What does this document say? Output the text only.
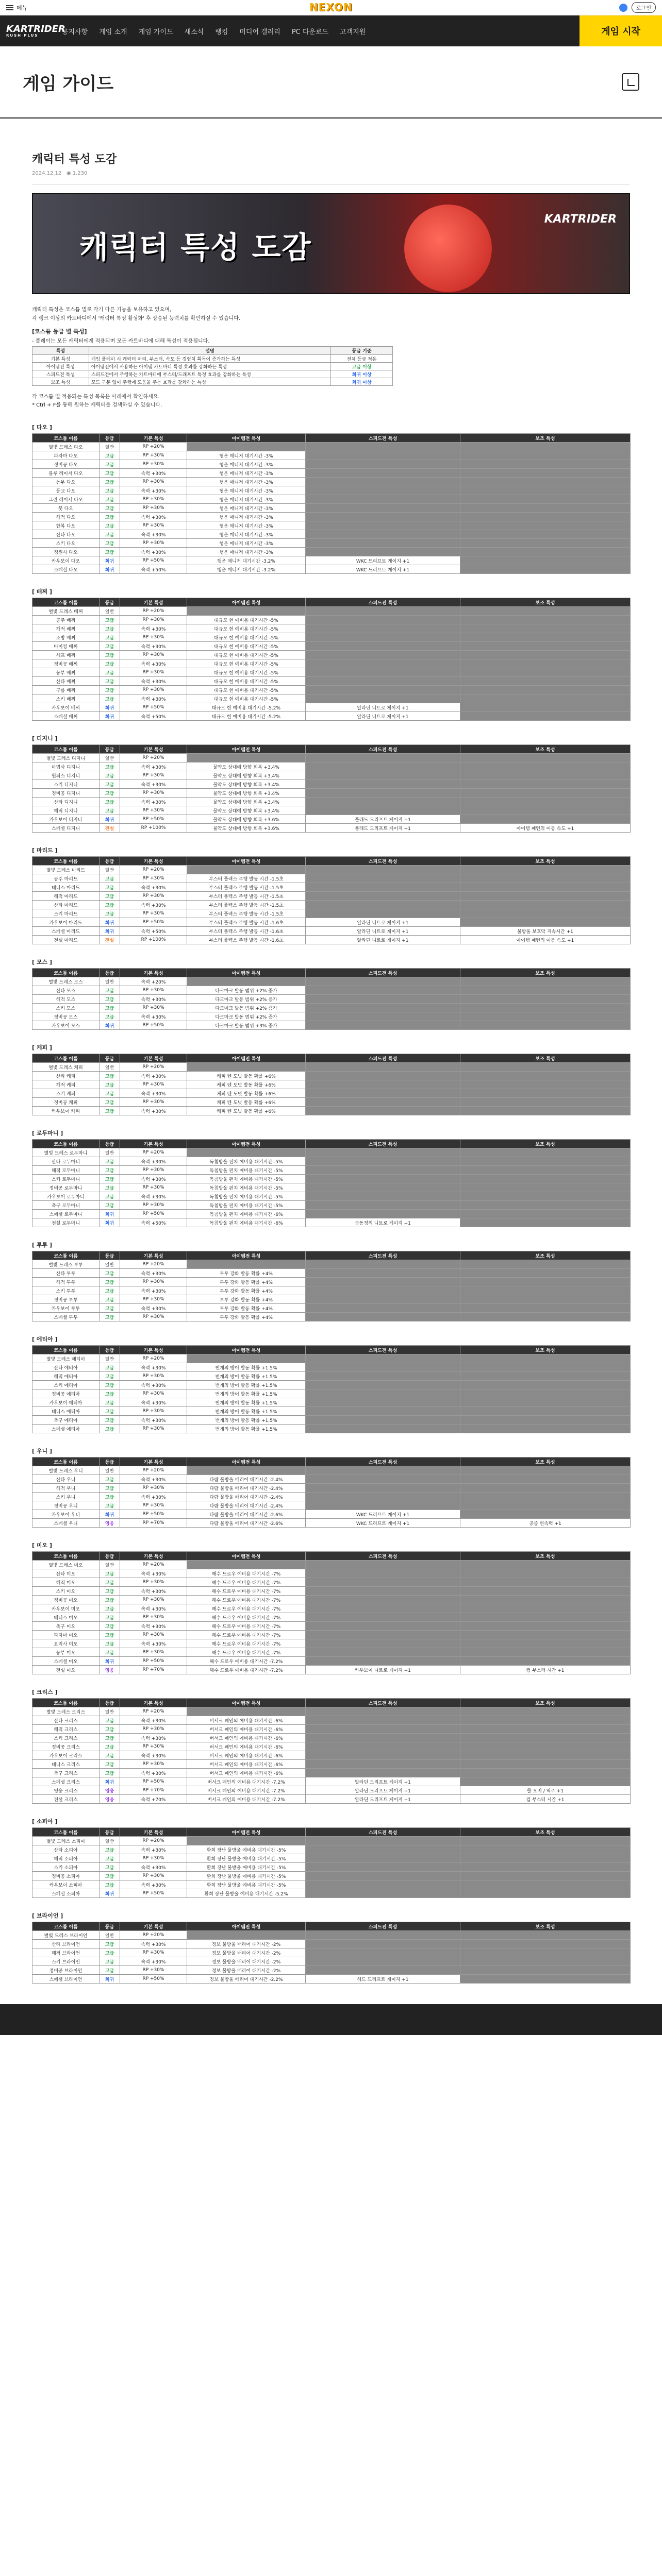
메뉴	NEXON	로그인
KARTRIDER
RUSH PLUS	공지사항 게임 소개 게임 가이드 새소식 랭킹 미디어 갤러리 PC 다운로드 고객지원	게임 시작
게임 가이드
캐릭터 특성 도감
2024.12.12 ◉ 1,230
캐릭터 특성 도감
KARTRIDER
캐릭터 특성은 코스튬 별로 각기 다른 기능을 보유하고 있으며,
각 랭크 이상의 카트바디에서 '캐릭터 특성 활성화' 후 상승된 능력치를 확인하실 수 있습니다.
[코스튬 등급 별 특성]
- 플레이는 모든 캐릭터에게 적용되며 모든 카트바디에 대해 특성이 적용됩니다.
특성	설명	등급 기준
기본 특성	게임 플레이 시 캐릭터 머리, 부스터, 속도 등 경험치 획득이 증가하는 특성	전체 등급 적용
아이템전 특성	아이템전에서 사용하는 아이템 카트바디 특정 효과를 강화하는 특성	고급 이상
스피드전 특성	스피드전에서 주행하는 카트바디에 부스터/드래프트 특정 효과를 강화하는 특성	희귀 이상
보조 특성	모드 구분 없이 주행에 도움을 주는 효과를 강화하는 특성	희귀 이상
각 코스튬 별 적용되는 특성 목록은 아래에서 확인하세요.
* Ctrl + F를 통해 원하는 캐릭터를 검색하실 수 있습니다.
[ 다오 ]
코스튬 이름	등급	기본 특성	아이템전 특성	스피드전 특성	보조 특성
별빛 드레스 다오	일반	RP +20%			
파자마 다오	고급	RP +30%	행운 매니저 대기시간 -3%		
정비공 다오	고급	RP +30%	행운 매니저 대기시간 -3%		
블루 레이서 다오	고급	속력 +30%	행운 매니저 대기시간 -3%		
농부 다오	고급	RP +30%	행운 매니저 대기시간 -3%		
등교 다오	고급	속력 +30%	행운 매니저 대기시간 -3%		
그린 레이서 다오	고급	RP +30%	행운 매니저 대기시간 -3%		
붓 다오	고급	RP +30%	행운 매니저 대기시간 -3%		
해적 다오	고급	속력 +30%	행운 매니저 대기시간 -3%		
한복 다오	고급	RP +30%	행운 매니저 대기시간 -3%		
산타 다오	고급	속력 +30%	행운 매니저 대기시간 -3%		
스키 다오	고급	RP +30%	행운 매니저 대기시간 -3%		
정원사 다오	고급	속력 +30%	행운 매니저 대기시간 -3%		
카우보이 다오	희귀	RP +50%	행운 매니저 대기시간 -3.2%	WKC 드리프트 게이지 +1	
스페셜 다오	희귀	속력 +50%	행운 매니저 대기시간 -3.2%	WKC 드리프트 게이지 +1	
[ 배찌 ]
코스튬 이름	등급	기본 특성	아이템전 특성	스피드전 특성	보조 특성
별빛 드레스 배찌	일반	RP +20%			
공주 배찌	고급	RP +30%	대규모 헌 예비용 대기시간 -5%		
해적 배찌	고급	속력 +30%	대규모 헌 예비용 대기시간 -5%		
소방 배찌	고급	RP +30%	대규모 헌 예비용 대기시간 -5%		
바이킹 배찌	고급	속력 +30%	대규모 헌 예비용 대기시간 -5%		
셰프 배찌	고급	RP +30%	대규모 헌 예비용 대기시간 -5%		
정비공 배찌	고급	속력 +30%	대규모 헌 예비용 대기시간 -5%		
농부 배찌	고급	RP +30%	대규모 헌 예비용 대기시간 -5%		
산타 배찌	고급	속력 +30%	대규모 헌 예비용 대기시간 -5%		
구름 배찌	고급	RP +30%	대규모 헌 예비용 대기시간 -5%		
스키 배찌	고급	속력 +30%	대규모 헌 예비용 대기시간 -5%		
카우보이 배찌	희귀	RP +50%	대규모 헌 예비용 대기시간 -5.2%	알라딘 니트로 게이지 +1	
스페셜 배찌	희귀	속력 +50%	대규모 헌 예비용 대기시간 -5.2%	알라딘 니트로 게이지 +1	
[ 디지니 ]
코스튬 이름	등급	기본 특성	아이템전 특성	스피드전 특성	보조 특성
별빛 드레스 디지니	일반	RP +20%			
마법사 디지니	고급	속력 +30%	물약도 상대에 방향 회복 +3.4%		
원피스 디지니	고급	RP +30%	물약도 상대에 방향 회복 +3.4%		
스키 디지니	고급	속력 +30%	물약도 상대에 방향 회복 +3.4%		
정비공 디지니	고급	RP +30%	물약도 상대에 방향 회복 +3.4%		
산타 디지니	고급	속력 +30%	물약도 상대에 방향 회복 +3.4%		
해적 디지니	고급	RP +30%	물약도 상대에 방향 회복 +3.4%		
카우보이 디지니	희귀	RP +50%	물약도 상대에 방향 회복 +3.6%	플래드 드리프트 게이지 +1	
스페셜 디지니	전설	RP +100%	물약도 상대에 방향 회복 +3.6%	플래드 드리프트 게이지 +1	아이템 패턴의 이동 속도 +1
[ 마리드 ]
코스튬 이름	등급	기본 특성	아이템전 특성	스피드전 특성	보조 특성
별빛 드레스 마리드	일반	RP +20%			
공주 마리드	고급	RP +30%	부스터 플렉스 주행 발동 시간 -1.5초		
테니스 마리드	고급	속력 +30%	부스터 플렉스 주행 발동 시간 -1.5초		
해적 마리드	고급	RP +30%	부스터 플렉스 주행 발동 시간 -1.5초		
산타 마리드	고급	속력 +30%	부스터 플렉스 주행 발동 시간 -1.5초		
스키 마리드	고급	RP +30%	부스터 플렉스 주행 발동 시간 -1.5초		
카우보이 마리드	희귀	RP +50%	부스터 플렉스 주행 발동 시간 -1.6초	알라딘 니트로 게이지 +1	
스페셜 마리드	희귀	속력 +50%	부스터 플렉스 주행 발동 시간 -1.6초	알라딘 니트로 게이지 +1	물방울 보호막 지속시간 +1
전설 마리드	전설	RP +100%	부스터 플렉스 주행 발동 시간 -1.6초	알라딘 니트로 게이지 +1	아이템 패턴의 이동 속도 +1
[ 모스 ]
코스튬 이름	등급	기본 특성	아이템전 특성	스피드전 특성	보조 특성
별빛 드레스 모스	일반	속력 +20%			
산타 모스	고급	RP +30%	다크마크 발동 범위 +2% 증가		
해적 모스	고급	속력 +30%	다크마크 발동 범위 +2% 증가		
스키 모스	고급	RP +30%	다크마크 발동 범위 +2% 증가		
정비공 모스	고급	속력 +30%	다크마크 발동 범위 +2% 증가		
카우보이 모스	희귀	RP +50%	다크마크 발동 범위 +3% 증가		
[ 케피 ]
코스튬 이름	등급	기본 특성	아이템전 특성	스피드전 특성	보조 특성
별빛 드레스 케피	일반	RP +20%			
산타 케피	고급	속력 +30%	케피 텐 도넛 발동 확률 +6%		
해적 케피	고급	RP +30%	케피 텐 도넛 발동 확률 +6%		
스키 케피	고급	속력 +30%	케피 텐 도넛 발동 확률 +6%		
정비공 케피	고급	RP +30%	케피 텐 도넛 발동 확률 +6%		
카우보이 케피	고급	속력 +30%	케피 텐 도넛 발동 확률 +6%		
[ 로두마니 ]
코스튬 이름	등급	기본 특성	아이템전 특성	스피드전 특성	보조 특성
별빛 드레스 로두마니	일반	RP +20%			
산타 로두마니	고급	속력 +30%	독침방울 펀치 예비용 대기시간 -5%		
해적 로두마니	고급	RP +30%	독침방울 펀치 예비용 대기시간 -5%		
스키 로두마니	고급	속력 +30%	독침방울 펀치 예비용 대기시간 -5%		
정비공 로두마니	고급	RP +30%	독침방울 펀치 예비용 대기시간 -5%		
카우보이 로두마니	고급	속력 +30%	독침방울 펀치 예비용 대기시간 -5%		
축구 로두마니	고급	RP +30%	독침방울 펀치 예비용 대기시간 -5%		
스페셜 로두마니	희귀	RP +50%	독침방울 펀치 예비용 대기시간 -6%		
전설 로두마니	희귀	속력 +50%	독침방울 펀치 예비용 대기시간 -6%	금동정의 니트로 게이지 +1	
[ 투투 ]
코스튬 이름	등급	기본 특성	아이템전 특성	스피드전 특성	보조 특성
별빛 드레스 투투	일반	RP +20%			
산타 투투	고급	속력 +30%	투투 강화 발동 확률 +4%		
해적 투투	고급	RP +30%	투투 강화 발동 확률 +4%		
스키 투투	고급	속력 +30%	투투 강화 발동 확률 +4%		
정비공 투투	고급	RP +30%	투투 강화 발동 확률 +4%		
카우보이 투투	고급	속력 +30%	투투 강화 발동 확률 +4%		
스페셜 투투	고급	RP +30%	투투 강화 발동 확률 +4%		
[ 에티아 ]
코스튬 이름	등급	기본 특성	아이템전 특성	스피드전 특성	보조 특성
별빛 드레스 에티아	일반	RP +20%			
산타 에티아	고급	속력 +30%	번개의 방어 발동 확률 +1.5%		
해적 에티아	고급	RP +30%	번개의 방어 발동 확률 +1.5%		
스키 에티아	고급	속력 +30%	번개의 방어 발동 확률 +1.5%		
정비공 에티아	고급	RP +30%	번개의 방어 발동 확률 +1.5%		
카우보이 에티아	고급	속력 +30%	번개의 방어 발동 확률 +1.5%		
테니스 에티아	고급	RP +30%	번개의 방어 발동 확률 +1.5%		
축구 에티아	고급	속력 +30%	번개의 방어 발동 확률 +1.5%		
스페셜 에티아	고급	RP +30%	번개의 방어 발동 확률 +1.5%		
[ 우니 ]
코스튬 이름	등급	기본 특성	아이템전 특성	스피드전 특성	보조 특성
별빛 드레스 우니	일반	RP +20%			
산타 우니	고급	속력 +30%	다람 물방울 배리어 대기시간 -2.4%		
해적 우니	고급	RP +30%	다람 물방울 배리어 대기시간 -2.4%		
스키 우니	고급	속력 +30%	다람 물방울 배리어 대기시간 -2.4%		
정비공 우니	고급	RP +30%	다람 물방울 배리어 대기시간 -2.4%		
카우보이 우니	희귀	RP +50%	다람 물방울 배리어 대기시간 -2.6%	WKC 드리프트 게이지 +1	
스페셜 우니	영웅	RP +70%	다람 물방울 배리어 대기시간 -2.6%	WKC 드리프트 게이지 +1	공중 변속력 +1
[ 미오 ]
코스튬 이름	등급	기본 특성	아이템전 특성	스피드전 특성	보조 특성
별빛 드레스 미오	일반	RP +20%			
산타 미오	고급	속력 +30%	해수 드로우 예비용 대기시간 -7%		
해적 미오	고급	RP +30%	해수 드로우 예비용 대기시간 -7%		
스키 미오	고급	속력 +30%	해수 드로우 예비용 대기시간 -7%		
정비공 미오	고급	RP +30%	해수 드로우 예비용 대기시간 -7%		
카우보이 미오	고급	속력 +30%	해수 드로우 예비용 대기시간 -7%		
테니스 미오	고급	RP +30%	해수 드로우 예비용 대기시간 -7%		
축구 미오	고급	속력 +30%	해수 드로우 예비용 대기시간 -7%		
파자마 미오	고급	RP +30%	해수 드로우 예비용 대기시간 -7%		
요리사 미오	고급	속력 +30%	해수 드로우 예비용 대기시간 -7%		
농부 미오	고급	RP +30%	해수 드로우 예비용 대기시간 -7%		
스페셜 미오	희귀	RP +50%	해수 드로우 예비용 대기시간 -7.2%		
전설 미오	영웅	RP +70%	해수 드로우 예비용 대기시간 -7.2%	카우보이 니트로 게이지 +1	컴 부스터 시간 +1
[ 크리스 ]
코스튬 이름	등급	기본 특성	아이템전 특성	스피드전 특성	보조 특성
별빛 드레스 크리스	일반	RP +20%			
산타 크리스	고급	속력 +30%	버서크 페인의 예비용 대기시간 -6%		
해적 크리스	고급	RP +30%	버서크 페인의 예비용 대기시간 -6%		
스키 크리스	고급	속력 +30%	버서크 페인의 예비용 대기시간 -6%		
정비공 크리스	고급	RP +30%	버서크 페인의 예비용 대기시간 -6%		
카우보이 크리스	고급	속력 +30%	버서크 페인의 예비용 대기시간 -6%		
테니스 크리스	고급	RP +30%	버서크 페인의 예비용 대기시간 -6%		
축구 크리스	고급	속력 +30%	버서크 페인의 예비용 대기시간 -6%		
스페셜 크리스	희귀	RP +50%	버서크 페인의 예비용 대기시간 -7.2%	알라딘 드리프트 게이지 +1	
영웅 크리스	영웅	RP +70%	버서크 페인의 예비용 대기시간 -7.2%	알라딘 드리프트 게이지 +1	콜 오버 / 역주 +1
전설 크리스	영웅	속력 +70%	버서크 페인의 예비용 대기시간 -7.2%	알라딘 드리프트 게이지 +1	컴 부스터 시간 +1
[ 소피아 ]
코스튬 이름	등급	기본 특성	아이템전 특성	스피드전 특성	보조 특성
별빛 드레스 소피아	일반	RP +20%			
산타 소피아	고급	속력 +30%	환희 장난 물방울 예비용 대기시간 -5%		
해적 소피아	고급	RP +30%	환희 장난 물방울 예비용 대기시간 -5%		
스키 소피아	고급	속력 +30%	환희 장난 물방울 예비용 대기시간 -5%		
정비공 소피아	고급	RP +30%	환희 장난 물방울 예비용 대기시간 -5%		
카우보이 소피아	고급	속력 +30%	환희 장난 물방울 예비용 대기시간 -5%		
스페셜 소피아	희귀	RP +50%	환희 장난 물방울 예비용 대기시간 -5.2%		
[ 브라이언 ]
코스튬 이름	등급	기본 특성	아이템전 특성	스피드전 특성	보조 특성
별빛 드레스 브라이언	일반	RP +20%			
산타 브라이언	고급	속력 +30%	정보 물방울 배리어 대기시간 -2%		
해적 브라이언	고급	RP +30%	정보 물방울 배리어 대기시간 -2%		
스키 브라이언	고급	속력 +30%	정보 물방울 배리어 대기시간 -2%		
정비공 브라이언	고급	RP +30%	정보 물방울 배리어 대기시간 -2%		
스페셜 브라이언	희귀	RP +50%	정보 물방울 배리어 대기시간 -2.2%	헤드 드리프트 게이지 +1	
